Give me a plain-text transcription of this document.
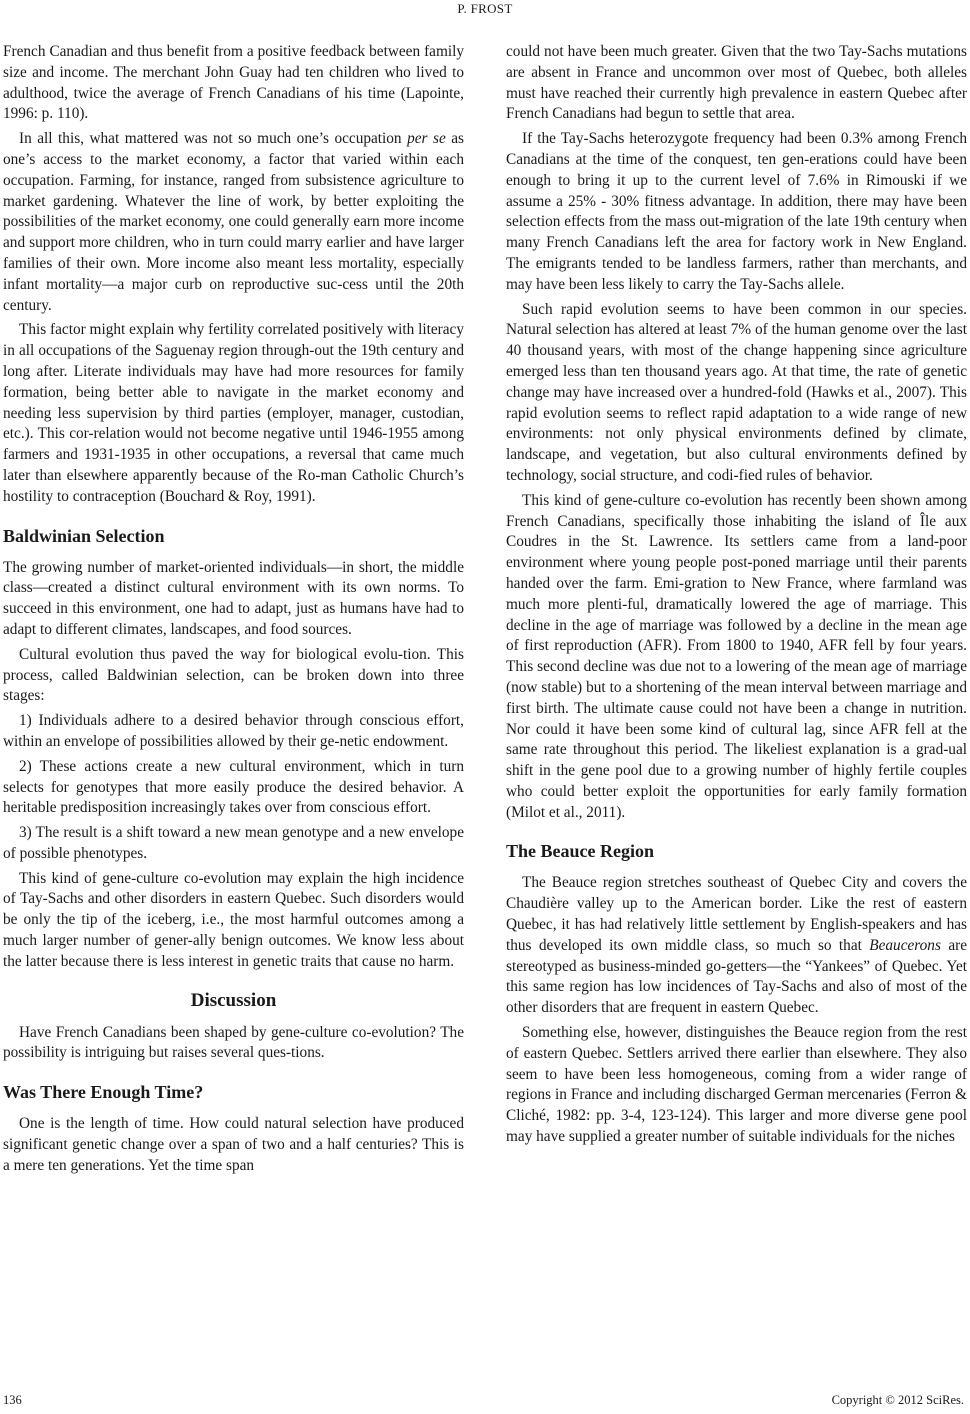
P. FROST

French Canadian and thus benefit from a positive feedback between family size and income. The merchant John Guay had ten children who lived to adulthood, twice the average of French Canadians of his time (Lapointe, 1996: p. 110).

In all this, what mattered was not so much one’s occupation per se as one’s access to the market economy, a factor that varied within each occupation. Farming, for instance, ranged from subsistence agriculture to market gardening. Whatever the line of work, by better exploiting the possibilities of the market economy, one could generally earn more income and support more children, who in turn could marry earlier and have larger families of their own. More income also meant less mortality, especially infant mortality—a major curb on reproductive suc-cess until the 20th century.

This factor might explain why fertility correlated positively with literacy in all occupations of the Saguenay region through-out the 19th century and long after. Literate individuals may have had more resources for family formation, being better able to navigate in the market economy and needing less supervision by third parties (employer, manager, custodian, etc.). This cor-relation would not become negative until 1946-1955 among farmers and 1931-1935 in other occupations, a reversal that came much later than elsewhere apparently because of the Ro-man Catholic Church’s hostility to contraception (Bouchard & Roy, 1991).

Baldwinian Selection

The growing number of market-oriented individuals—in short, the middle class—created a distinct cultural environment with its own norms. To succeed in this environment, one had to adapt, just as humans have had to adapt to different climates, landscapes, and food sources.

Cultural evolution thus paved the way for biological evolu-tion. This process, called Baldwinian selection, can be broken down into three stages:

1) Individuals adhere to a desired behavior through conscious effort, within an envelope of possibilities allowed by their ge-netic endowment.

2) These actions create a new cultural environment, which in turn selects for genotypes that more easily produce the desired behavior. A heritable predisposition increasingly takes over from conscious effort.

3) The result is a shift toward a new mean genotype and a new envelope of possible phenotypes.

This kind of gene-culture co-evolution may explain the high incidence of Tay-Sachs and other disorders in eastern Quebec. Such disorders would be only the tip of the iceberg, i.e., the most harmful outcomes among a much larger number of gener-ally benign outcomes. We know less about the latter because there is less interest in genetic traits that cause no harm.

Discussion

Have French Canadians been shaped by gene-culture co-evolution? The possibility is intriguing but raises several ques-tions.

Was There Enough Time?

One is the length of time. How could natural selection have produced significant genetic change over a span of two and a half centuries? This is a mere ten generations. Yet the time span

could not have been much greater. Given that the two Tay-Sachs mutations are absent in France and uncommon over most of Quebec, both alleles must have reached their currently high prevalence in eastern Quebec after French Canadians had begun to settle that area.

If the Tay-Sachs heterozygote frequency had been 0.3% among French Canadians at the time of the conquest, ten gen-erations could have been enough to bring it up to the current level of 7.6% in Rimouski if we assume a 25% - 30% fitness advantage. In addition, there may have been selection effects from the mass out-migration of the late 19th century when many French Canadians left the area for factory work in New England. The emigrants tended to be landless farmers, rather than merchants, and may have been less likely to carry the Tay-Sachs allele.

Such rapid evolution seems to have been common in our species. Natural selection has altered at least 7% of the human genome over the last 40 thousand years, with most of the change happening since agriculture emerged less than ten thousand years ago. At that time, the rate of genetic change may have increased over a hundred-fold (Hawks et al., 2007). This rapid evolution seems to reflect rapid adaptation to a wide range of new environments: not only physical environments defined by climate, landscape, and vegetation, but also cultural environments defined by technology, social structure, and codi-fied rules of behavior.

This kind of gene-culture co-evolution has recently been shown among French Canadians, specifically those inhabiting the island of Île aux Coudres in the St. Lawrence. Its settlers came from a land-poor environment where young people post-poned marriage until their parents handed over the farm. Emi-gration to New France, where farmland was much more plenti-ful, dramatically lowered the age of marriage. This decline in the age of marriage was followed by a decline in the mean age of first reproduction (AFR). From 1800 to 1940, AFR fell by four years. This second decline was due not to a lowering of the mean age of marriage (now stable) but to a shortening of the mean interval between marriage and first birth. The ultimate cause could not have been a change in nutrition. Nor could it have been some kind of cultural lag, since AFR fell at the same rate throughout this period. The likeliest explanation is a grad-ual shift in the gene pool due to a growing number of highly fertile couples who could better exploit the opportunities for early family formation (Milot et al., 2011).

The Beauce Region

The Beauce region stretches southeast of Quebec City and covers the Chaudière valley up to the American border. Like the rest of eastern Quebec, it has had relatively little settlement by English-speakers and has thus developed its own middle class, so much so that Beaucerons are stereotyped as business-minded go-getters—the “Yankees” of Quebec. Yet this same region has low incidences of Tay-Sachs and also of most of the other disorders that are frequent in eastern Quebec.

Something else, however, distinguishes the Beauce region from the rest of eastern Quebec. Settlers arrived there earlier than elsewhere. They also seem to have been less homogeneous, coming from a wider range of regions in France and including discharged German mercenaries (Ferron & Cliché, 1982: pp. 3-4, 123-124). This larger and more diverse gene pool may have supplied a greater number of suitable individuals for the niches

136	Copyright © 2012 SciRes.
